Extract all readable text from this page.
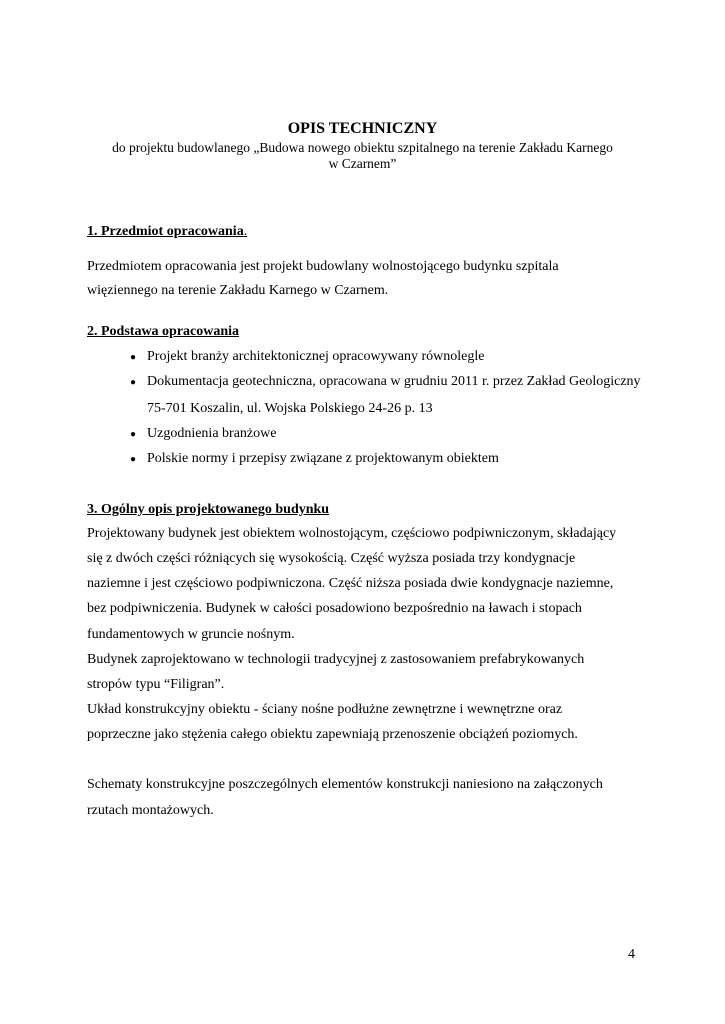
OPIS TECHNICZNY
do projektu budowlanego „Budowa nowego obiektu szpitalnego na terenie Zakładu Karnego
w Czarnem”
1. Przedmiot opracowania.
Przedmiotem opracowania jest projekt budowlany wolnostojącego budynku szpitala
więziennego na terenie Zakładu Karnego w Czarnem.
2. Podstawa opracowania
● Projekt branży architektonicznej opracowywany równolegle
● Dokumentacja geotechniczna, opracowana w grudniu 2011 r. przez Zakład Geologiczny
75-701 Koszalin, ul. Wojska Polskiego 24-26 p. 13
● Uzgodnienia branżowe
● Polskie normy i przepisy związane z projektowanym obiektem
3. Ogólny opis projektowanego budynku
Projektowany budynek jest obiektem wolnostojącym, częściowo podpiwniczonym, składający
się z dwóch części różniących się wysokością. Część wyższa posiada trzy kondygnacje
naziemne i jest częściowo podpiwniczona. Część niższa posiada dwie kondygnacje naziemne,
bez podpiwniczenia. Budynek w całości posadowiono bezpośrednio na ławach i stopach
fundamentowych w gruncie nośnym.
Budynek zaprojektowano w technologii tradycyjnej z zastosowaniem prefabrykowanych
stropów typu “Filigran”.
Układ konstrukcyjny obiektu - ściany nośne podłużne zewnętrzne i wewnętrzne oraz
poprzeczne jako stężenia całego obiektu zapewniają przenoszenie obciążeń poziomych.
Schematy konstrukcyjne poszczególnych elementów konstrukcji naniesiono na załączonych
rzutach montażowych.
4
